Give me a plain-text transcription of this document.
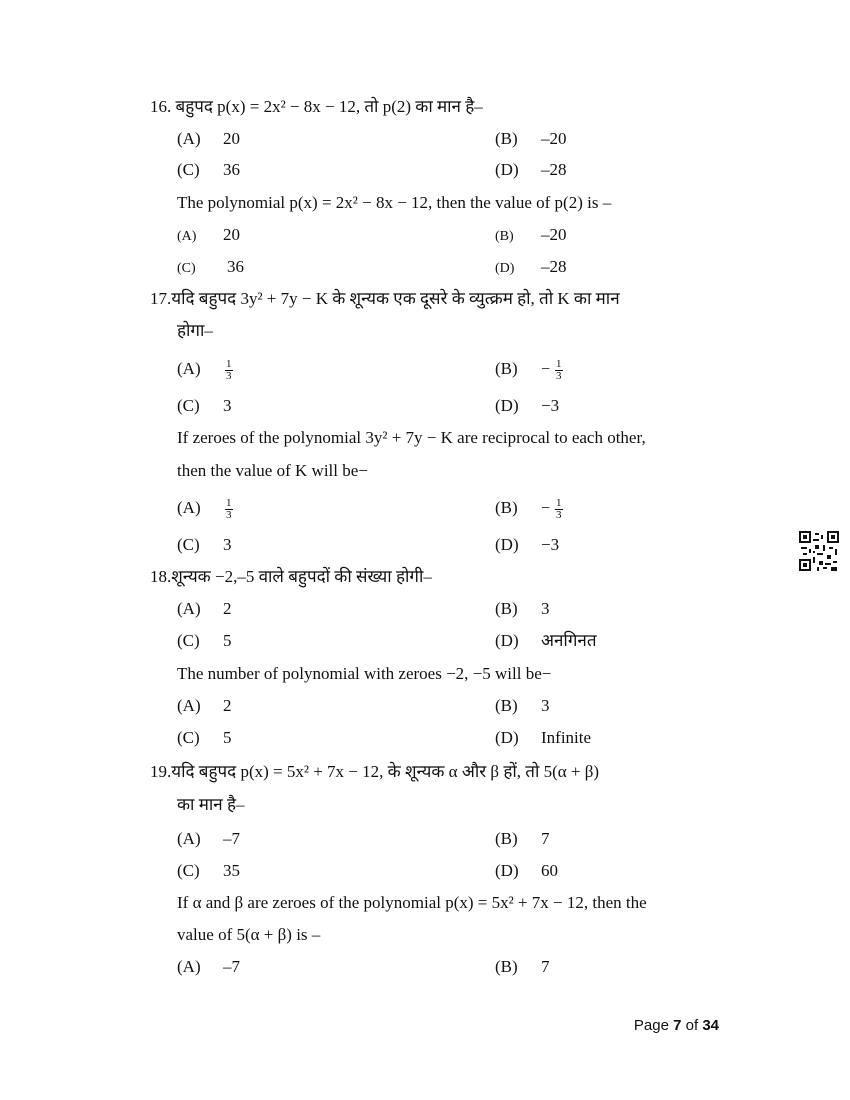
16. बहुपद p(x) = 2x² − 8x − 12, तो p(2) का मान है–
(A) 20	(B) –20
(C) 36	(D) –28
The polynomial p(x) = 2x² − 8x − 12, then the value of p(2) is –
(A) 20	(B) –20
(C) 36	(D) –28
17.यदि बहुपद 3y² + 7y − K के शून्यक एक दूसरे के व्युत्क्रम हो, तो K का मान
होगा–
$(A) \frac{1}{3}$	$(B) - \frac{1}{3}$
(C) 3	(D) −3
If zeroes of the polynomial 3y² + 7y − K are reciprocal to each other,
then the value of K will be−
$(A) \frac{1}{3}$	$(B) - \frac{1}{3}$
(C) 3	(D) −3
18.शून्यक −2,–5 वाले बहुपदों की संख्या होगी–
(A) 2	(B) 3
(C) 5	(D) अनगिनत
The number of polynomial with zeroes −2, −5 will be−
(A) 2	(B) 3
(C) 5	(D) Infinite
19.यदि बहुपद p(x) = 5x² + 7x − 12, के शून्यक α और β हों, तो 5(α + β)
का मान है–
(A) –7	(B) 7
(C) 35	(D) 60
If α and β are zeroes of the polynomial p(x) = 5x² + 7x − 12, then the
value of 5(α + β) is –
(A) –7	(B) 7
Page 7 of 34
